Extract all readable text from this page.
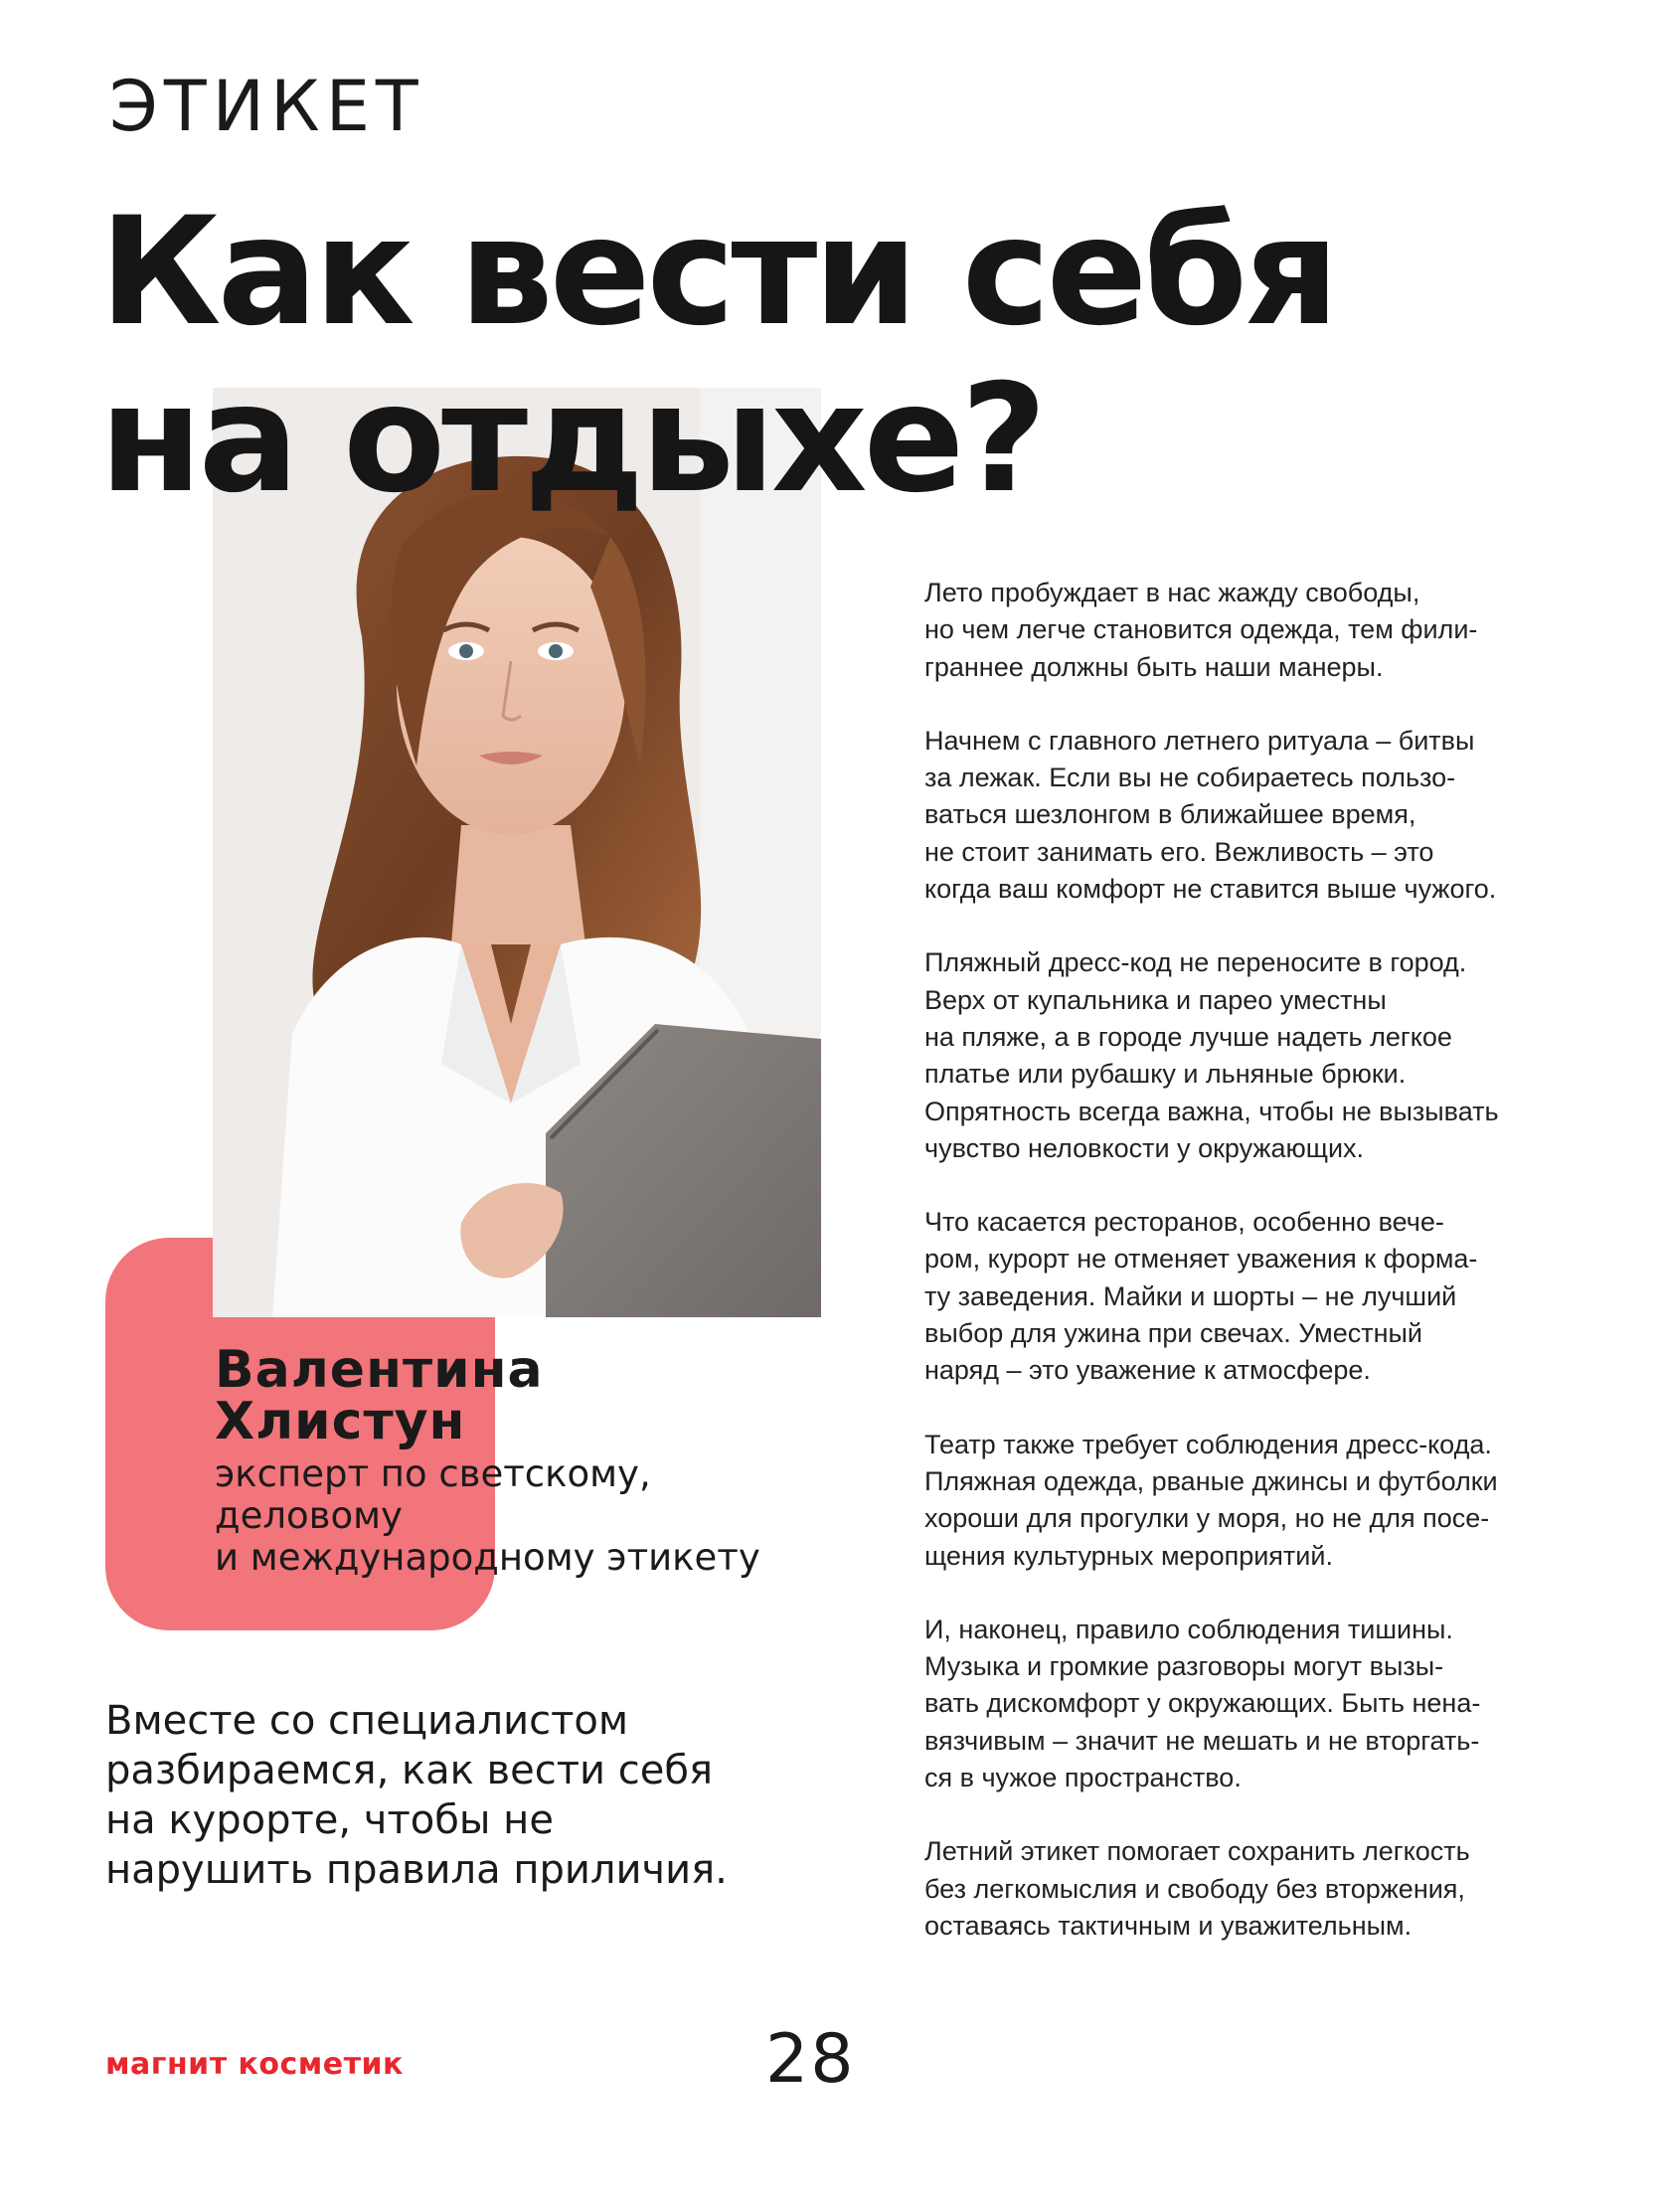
ЭТИКЕТ
Как вести себя
на отдыхе?
Валентина
Хлистун

эксперт по светскому,
деловому
и международному этикету

Вместе со специалистом
разбираемся, как вести себя
на курорте, чтобы не
нарушить правила приличия.

Лето пробуждает в нас жажду свободы,
но чем легче становится одежда, тем фили-
граннее должны быть наши манеры.

Начнем с главного летнего ритуала – битвы
за лежак. Если вы не собираетесь пользо-
ваться шезлонгом в ближайшее время,
не стоит занимать его. Вежливость – это
когда ваш комфорт не ставится выше чужого.

Пляжный дресс-код не переносите в город.
Верх от купальника и парео уместны
на пляже, а в городе лучше надеть легкое
платье или рубашку и льняные брюки.
Опрятность всегда важна, чтобы не вызывать
чувство неловкости у окружающих.

Что касается ресторанов, особенно вече-
ром, курорт не отменяет уважения к форма-
ту заведения. Майки и шорты – не лучший
выбор для ужина при свечах. Уместный
наряд – это уважение к атмосфере.

Театр также требует соблюдения дресс-кода.
Пляжная одежда, рваные джинсы и футболки
хороши для прогулки у моря, но не для посе-
щения культурных мероприятий.

И, наконец, правило соблюдения тишины.
Музыка и громкие разговоры могут вызы-
вать дискомфорт у окружающих. Быть нена-
вязчивым – значит не мешать и не вторгать-
ся в чужое пространство.

Летний этикет помогает сохранить легкость
без легкомыслия и свободу без вторжения,
оставаясь тактичным и уважительным.

магнит косметик	28
